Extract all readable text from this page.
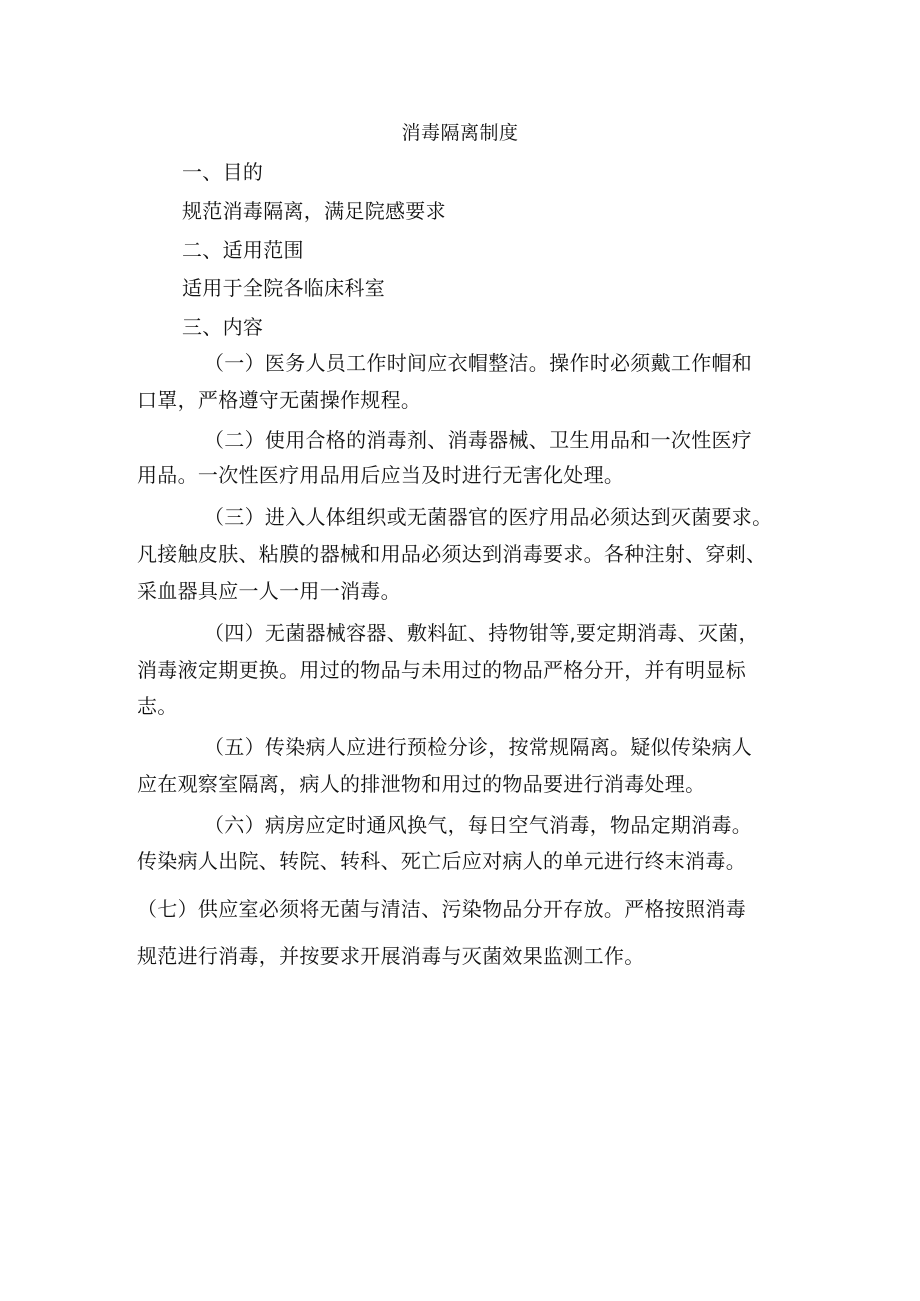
消毒隔离制度
一、目的
规范消毒隔离，满足院感要求
二、适用范围
适用于全院各临床科室
三、内容
（一）医务人员工作时间应衣帽整洁。操作时必须戴工作帽和
口罩，严格遵守无菌操作规程。
（二）使用合格的消毒剂、消毒器械、卫生用品和一次性医疗
用品。一次性医疗用品用后应当及时进行无害化处理。
（三）进入人体组织或无菌器官的医疗用品必须达到灭菌要求。
凡接触皮肤、粘膜的器械和用品必须达到消毒要求。各种注射、穿刺、
采血器具应一人一用一消毒。
（四）无菌器械容器、敷料缸、持物钳等,要定期消毒、灭菌，
消毒液定期更换。用过的物品与未用过的物品严格分开，并有明显标
志。
（五）传染病人应进行预检分诊，按常规隔离。疑似传染病人
应在观察室隔离，病人的排泄物和用过的物品要进行消毒处理。
（六）病房应定时通风换气，每日空气消毒，物品定期消毒。
传染病人出院、转院、转科、死亡后应对病人的单元进行终末消毒。
（七）供应室必须将无菌与清洁、污染物品分开存放。严格按照消毒
规范进行消毒，并按要求开展消毒与灭菌效果监测工作。
